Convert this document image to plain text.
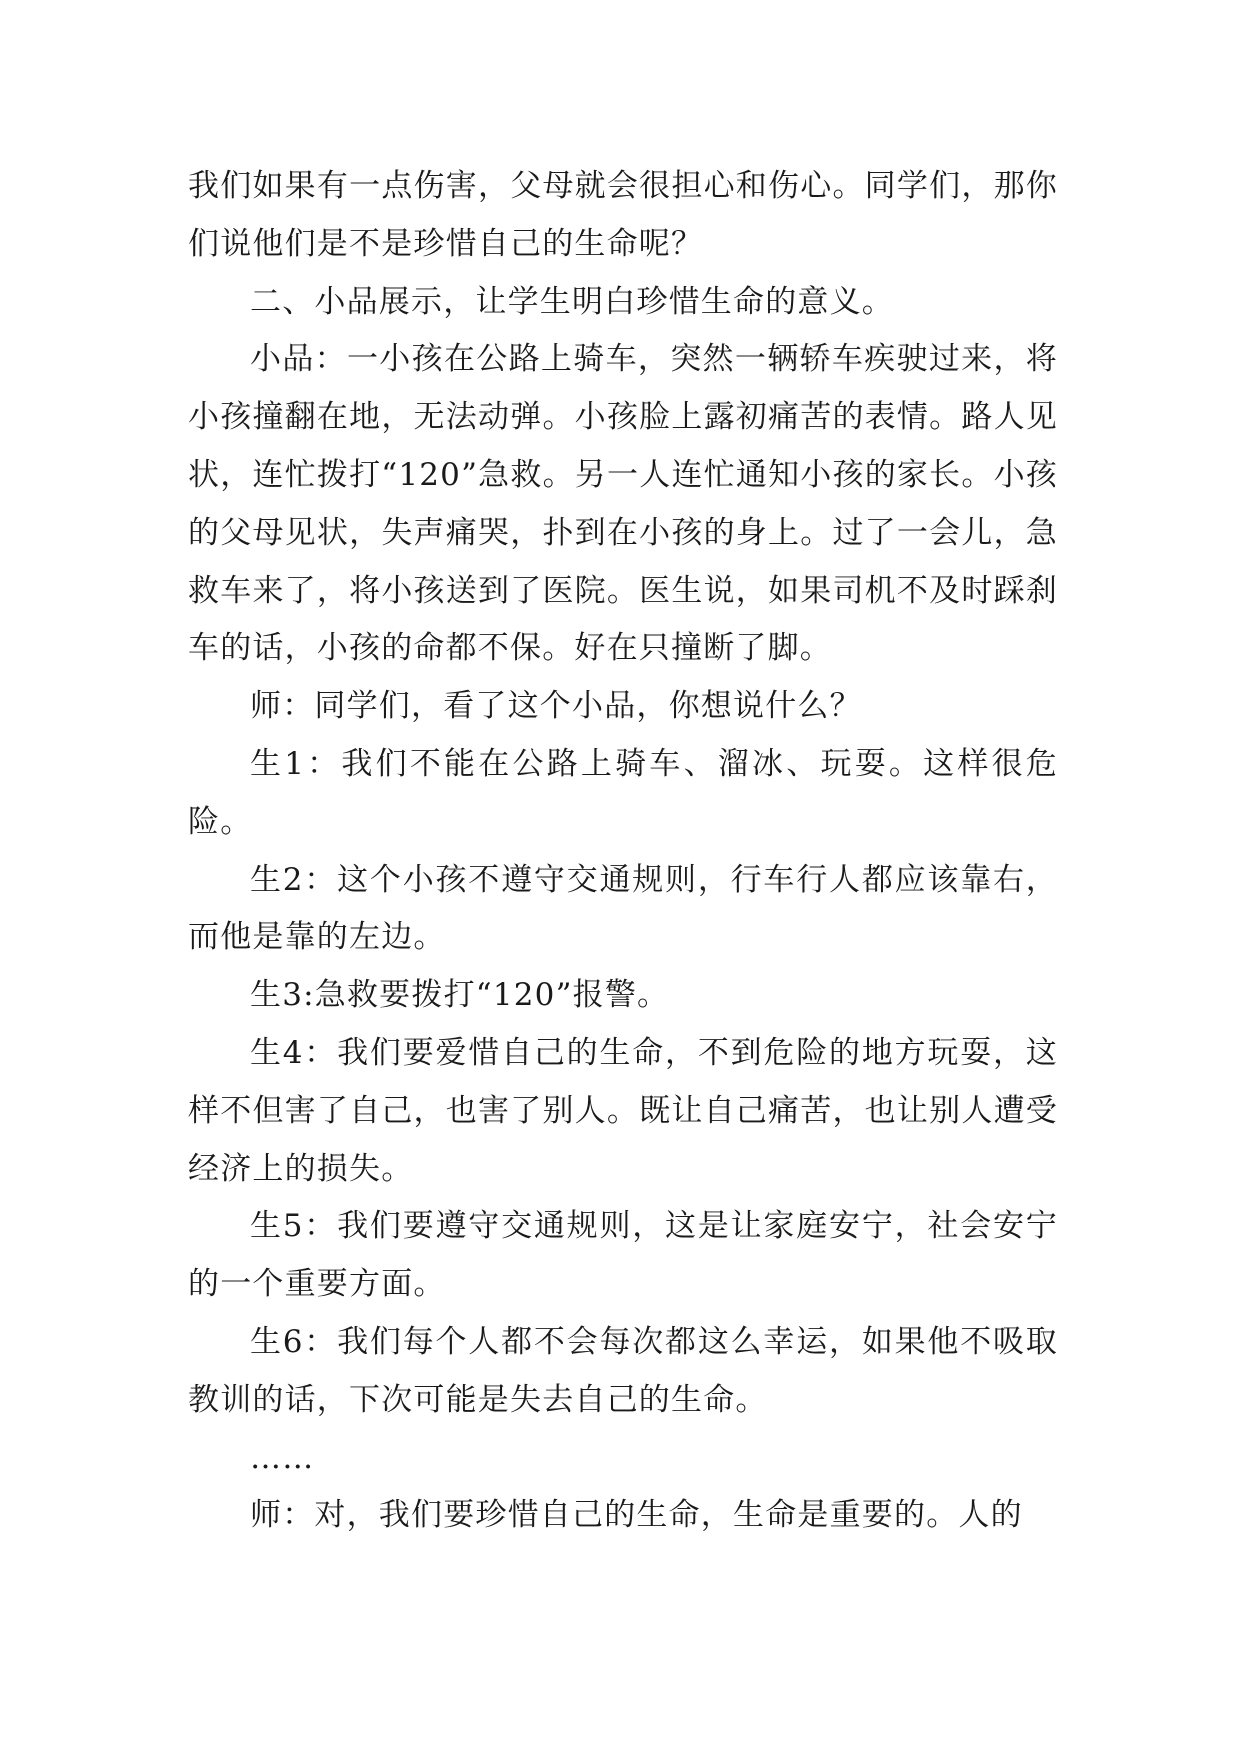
我们如果有一点伤害，父母就会很担心和伤心。同学们，那你们说他们是不是珍惜自己的生命呢？

二、小品展示，让学生明白珍惜生命的意义。

小品：一小孩在公路上骑车，突然一辆轿车疾驶过来，将小孩撞翻在地，无法动弹。小孩脸上露初痛苦的表情。路人见状，连忙拨打“120”急救。另一人连忙通知小孩的家长。小孩的父母见状，失声痛哭，扑到在小孩的身上。过了一会儿，急救车来了，将小孩送到了医院。医生说，如果司机不及时踩刹车的话，小孩的命都不保。好在只撞断了脚。

师：同学们，看了这个小品，你想说什么？

生1：我们不能在公路上骑车、溜冰、玩耍。这样很危险。

生2：这个小孩不遵守交通规则，行车行人都应该靠右，而他是靠的左边。

生3:急救要拨打“120”报警。

生4：我们要爱惜自己的生命，不到危险的地方玩耍，这样不但害了自己，也害了别人。既让自己痛苦，也让别人遭受经济上的损失。

生5：我们要遵守交通规则，这是让家庭安宁，社会安宁的一个重要方面。

生6：我们每个人都不会每次都这么幸运，如果他不吸取教训的话，下次可能是失去自己的生命。

……

师：对，我们要珍惜自己的生命，生命是重要的。人的
